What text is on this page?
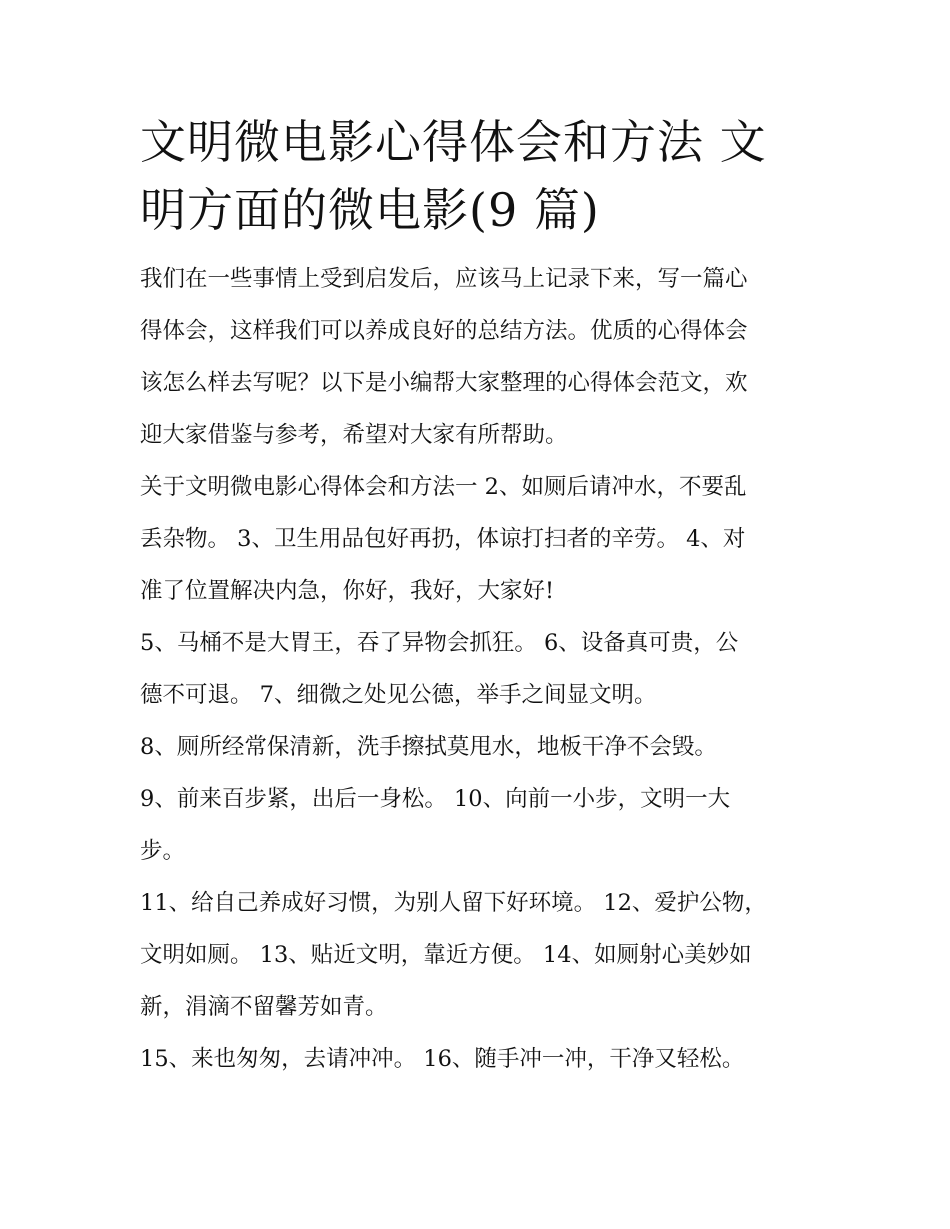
文明微电影心得体会和方法 文
明方面的微电影(9 篇)

我们在一些事情上受到启发后，应该马上记录下来，写一篇心
得体会，这样我们可以养成良好的总结方法。优质的心得体会
该怎么样去写呢？以下是小编帮大家整理的心得体会范文，欢
迎大家借鉴与参考，希望对大家有所帮助。

关于文明微电影心得体会和方法一 2、如厕后请冲水，不要乱
丢杂物。 3、卫生用品包好再扔，体谅打扫者的辛劳。 4、对
准了位置解决内急，你好，我好，大家好!

5、马桶不是大胃王，吞了异物会抓狂。 6、设备真可贵，公
德不可退。 7、细微之处见公德，举手之间显文明。

8、厕所经常保清新，洗手擦拭莫甩水，地板干净不会毁。

9、前来百步紧，出后一身松。 10、向前一小步，文明一大
步。

11、给自己养成好习惯，为别人留下好环境。 12、爱护公物，
文明如厕。 13、贴近文明，靠近方便。 14、如厕射心美妙如
新，涓滴不留馨芳如青。

15、来也匆匆，去请冲冲。 16、随手冲一冲，干净又轻松。
